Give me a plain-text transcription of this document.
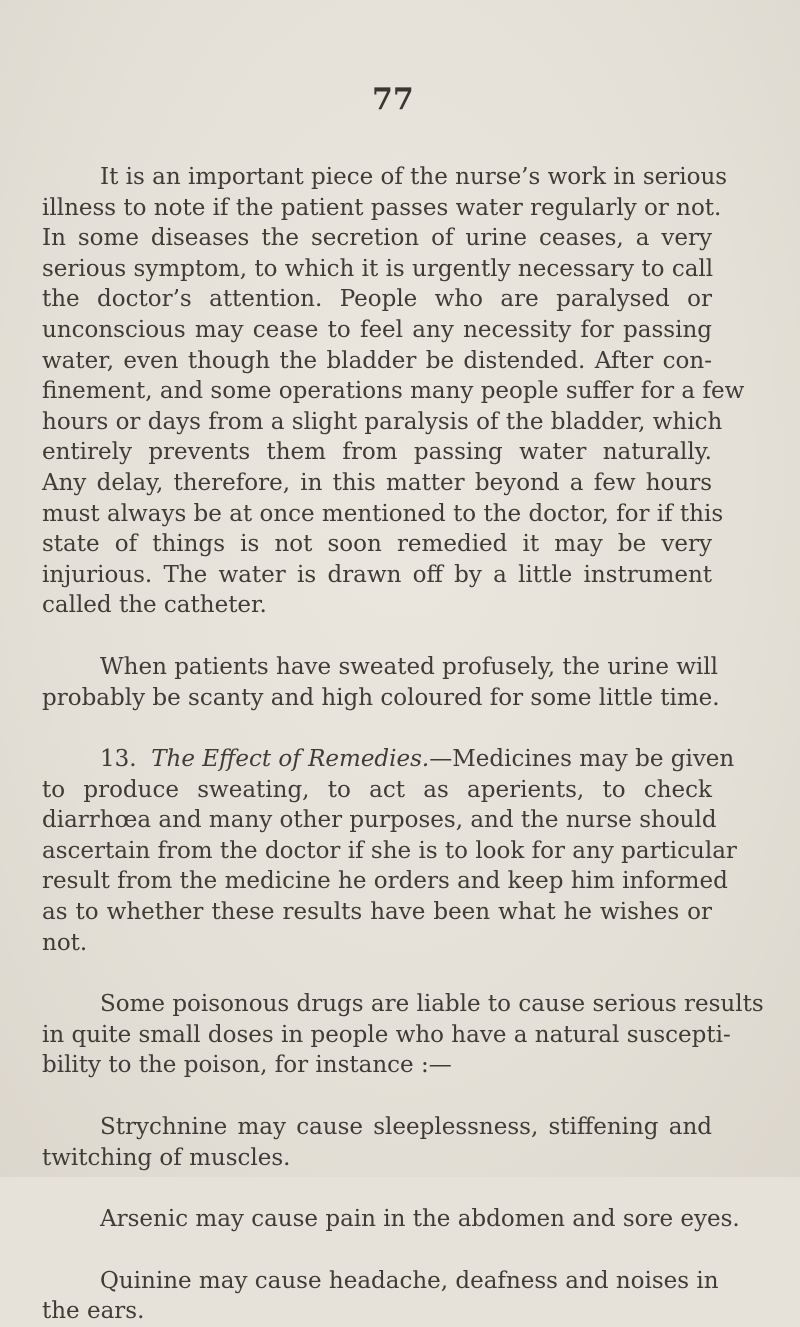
77
It is an important piece of the nurse’s work in serious
illness to note if the patient passes water regularly or not.
In some diseases the secretion of urine ceases, a very
serious symptom, to which it is urgently necessary to call
the doctor’s attention. People who are paralysed or
unconscious may cease to feel any necessity for passing
water, even though the bladder be distended. After con-
finement, and some operations many people suffer for a few
hours or days from a slight paralysis of the bladder, which
entirely prevents them from passing water naturally.
Any delay, therefore, in this matter beyond a few hours
must always be at once mentioned to the doctor, for if this
state of things is not soon remedied it may be very
injurious. The water is drawn off by a little instrument
called the catheter.
When patients have sweated profusely, the urine will
probably be scanty and high coloured for some little time.
13. The Effect of Remedies.—Medicines may be given
to produce sweating, to act as aperients, to check
diarrhœa and many other purposes, and the nurse should
ascertain from the doctor if she is to look for any particular
result from the medicine he orders and keep him informed
as to whether these results have been what he wishes or
not.
Some poisonous drugs are liable to cause serious results
in quite small doses in people who have a natural suscepti-
bility to the poison, for instance :—
Strychnine may cause sleeplessness, stiffening and
twitching of muscles.
Arsenic may cause pain in the abdomen and sore eyes.
Quinine may cause headache, deafness and noises in
the ears.
